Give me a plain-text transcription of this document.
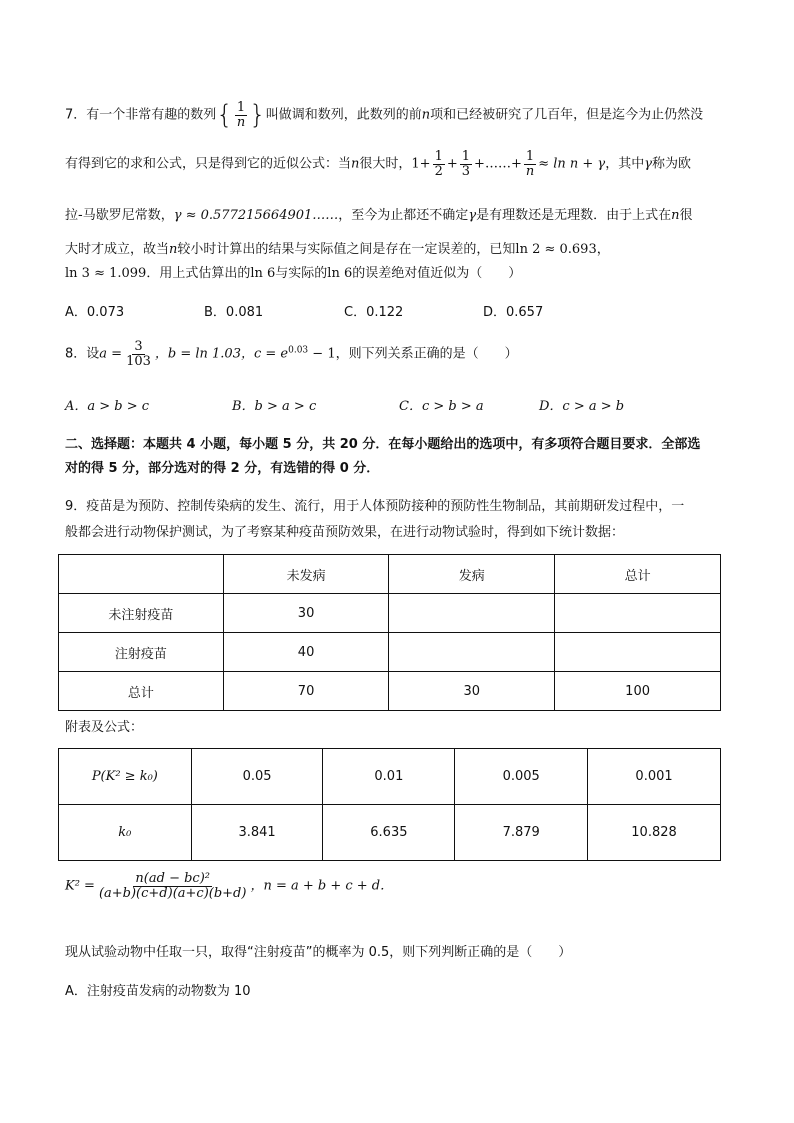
7．有一个非常有趣的数列{ $\frac{1}{n}$ }叫做调和数列，此数列的前n项和已经被研究了几百年，但是迄今为止仍然没
有得到它的求和公式，只是得到它的近似公式：当n很大时，$1+ \frac{1}{2} + \frac{1}{3}$ +……+ $\frac{1}{n} \approx \ln n + \gamma$，其中γ称为欧
拉-马歇罗尼常数，γ ≈ 0.577215664901……，至今为止都还不确定γ是有理数还是无理数．由于上式在n很
大时才成立，故当n较小时计算出的结果与实际值之间是存在一定误差的，已知ln 2 ≈ 0.693，
ln 3 ≈ 1.099．用上式估算出的ln 6与实际的ln 6的误差绝对值近似为（　　）
A．0.073	B．0.081	C．0.122	D．0.657
8．设$a = \frac{3}{103}$ ，b = ln 1.03，$c = e^{0.03} - 1$，则下列关系正确的是（　　）
A．a > b > c	B．b > a > c	C．c > b > a	D．c > a > b
二、选择题：本题共 4 小题，每小题 5 分，共 20 分．在每小题给出的选项中，有多项符合题目要求．全部选
对的得 5 分，部分选对的得 2 分，有选错的得 0 分．
9．疫苗是为预防、控制传染病的发生、流行，用于人体预防接种的预防性生物制品，其前期研发过程中，一
般都会进行动物保护测试，为了考察某种疫苗预防效果，在进行动物试验时，得到如下统计数据：
	未发病	发病	总计
未注射疫苗	30		
注射疫苗	40		
总计	70	30	100
附表及公式：
P(K² ≥ k₀)	0.05	0.01	0.005	0.001
k₀	3.841	6.635	7.879	10.828
$K^2 = \frac{\text{n(ad − bc)²}}{(a+b)(c+d)(a+c)(b+d)}$ ，n = a + b + c + d．
现从试验动物中任取一只，取得“注射疫苗”的概率为 0.5，则下列判断正确的是（　　）
A．注射疫苗发病的动物数为 10
